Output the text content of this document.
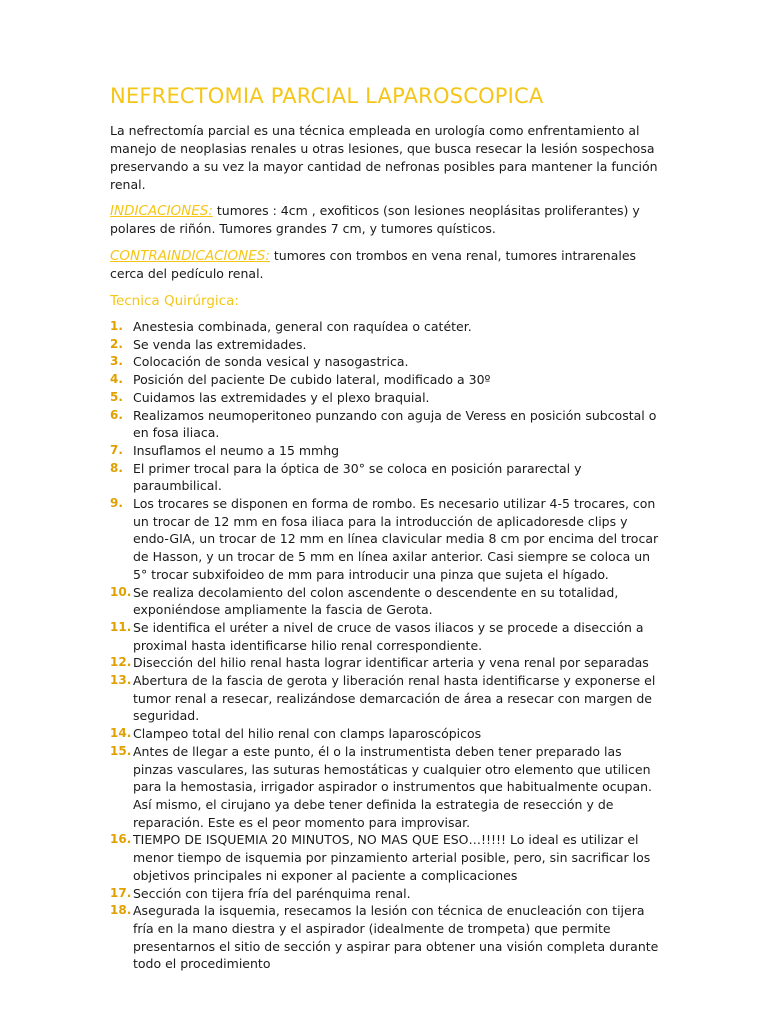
NEFRECTOMIA PARCIAL LAPAROSCOPICA

La nefrectomía parcial es una técnica empleada en urología como enfrentamiento al manejo de neoplasias renales u otras lesiones, que busca resecar la lesión sospechosa preservando a su vez la mayor cantidad de nefronas posibles para mantener la función renal.

INDICACIONES: tumores : 4cm , exofiticos (son lesiones neoplásitas proliferantes) y polares de riñón. Tumores grandes 7 cm, y tumores quísticos.

CONTRAINDICACIONES: tumores con trombos en vena renal, tumores intrarenales cerca del pedículo renal.

Tecnica Quirúrgica:
1. Anestesia combinada, general con raquídea o catéter.
2. Se venda las extremidades.
3. Colocación de sonda vesical y nasogastrica.
4. Posición del paciente De cubido lateral, modificado a 30º
5. Cuidamos las extremidades y el plexo braquial.
6. Realizamos neumoperitoneo punzando con aguja de Veress en posición subcostal o en fosa iliaca.
7. Insuflamos el neumo a 15 mmhg
8. El primer trocal para la óptica de 30° se coloca en posición pararectal y paraumbilical.
9. Los trocares se disponen en forma de rombo. Es necesario utilizar 4-5 trocares, con un trocar de 12 mm en fosa iliaca para la introducción de aplicadoresde clips y endo-GIA, un trocar de 12 mm en línea clavicular media 8 cm por encima del trocar de Hasson, y un trocar de 5 mm en línea axilar anterior. Casi siempre se coloca un 5° trocar subxifoideo de mm para introducir una pinza que sujeta el hígado.
10. Se realiza decolamiento del colon ascendente o descendente en su totalidad, exponiéndose ampliamente la fascia de Gerota.
11. Se identifica el uréter a nivel de cruce de vasos iliacos y se procede a disección a proximal hasta identificarse hilio renal correspondiente.
12. Disección del hilio renal hasta lograr identificar arteria y vena renal por separadas
13. Abertura de la fascia de gerota y liberación renal hasta identificarse y exponerse el tumor renal a resecar, realizándose demarcación de área a resecar con margen de seguridad.
14. Clampeo total del hilio renal con clamps laparoscópicos
15. Antes de llegar a este punto, él o la instrumentista deben tener preparado las pinzas vasculares, las suturas hemostáticas y cualquier otro elemento que utilicen para la hemostasia, irrigador aspirador o instrumentos que habitualmente ocupan. Así mismo, el cirujano ya debe tener definida la estrategia de resección y de reparación. Este es el peor momento para improvisar.
16. TIEMPO DE ISQUEMIA 20 MINUTOS, NO MAS QUE ESO…!!!!! Lo ideal es utilizar el menor tiempo de isquemia por pinzamiento arterial posible, pero, sin sacrificar los objetivos principales ni exponer al paciente a complicaciones
17. Sección con tijera fría del parénquima renal.
18. Asegurada la isquemia, resecamos la lesión con técnica de enucleación con tijera fría en la mano diestra y el aspirador (idealmente de trompeta) que permite presentarnos el sitio de sección y aspirar para obtener una visión completa durante todo el procedimiento
